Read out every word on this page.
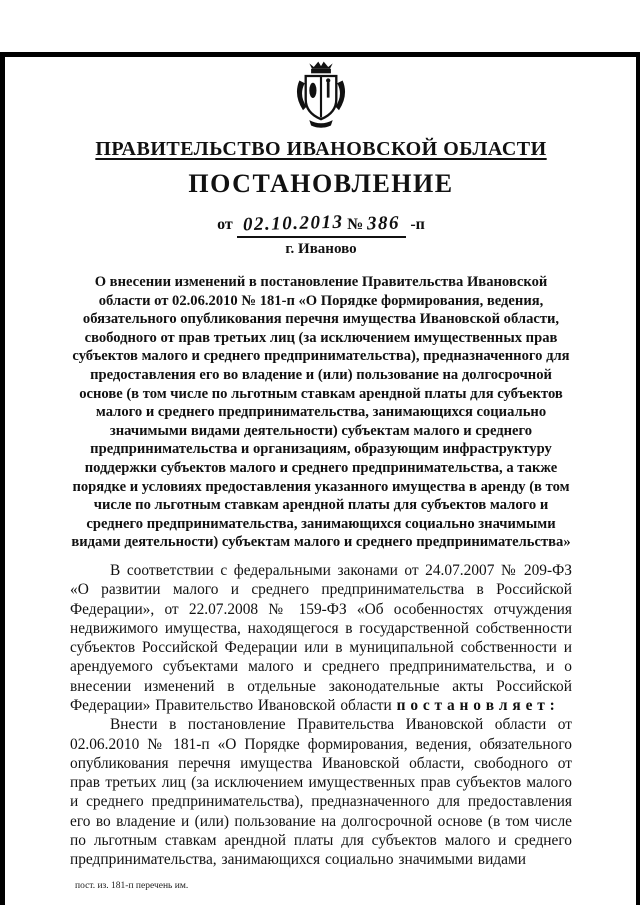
ПРАВИТЕЛЬСТВО ИВАНОВСКОЙ ОБЛАСТИ
ПОСТАНОВЛЕНИЕ
от 02.10.2013 № 386 -п
г. Иваново
О внесении изменений в постановление Правительства Ивановской области от 02.06.2010 № 181-п «О Порядке формирования, ведения, обязательного опубликования перечня имущества Ивановской области, свободного от прав третьих лиц (за исключением имущественных прав субъектов малого и среднего предпринимательства), предназначенного для предоставления его во владение и (или) пользование на долгосрочной основе (в том числе по льготным ставкам арендной платы для субъектов малого и среднего предпринимательства, занимающихся социально значимыми видами деятельности) субъектам малого и среднего предпринимательства и организациям, образующим инфраструктуру поддержки субъектов малого и среднего предпринимательства, а также порядке и условиях предоставления указанного имущества в аренду (в том числе по льготным ставкам арендной платы для субъектов малого и среднего предпринимательства, занимающихся социально значимыми видами деятельности) субъектам малого и среднего предпринимательства»

В соответствии с федеральными законами от 24.07.2007 № 209-ФЗ «О развитии малого и среднего предпринимательства в Российской Федерации», от 22.07.2008 № 159-ФЗ «Об особенностях отчуждения недвижимого имущества, находящегося в государственной собственности субъектов Российской Федерации или в муниципальной собственности и арендуемого субъектами малого и среднего предпринимательства, и о внесении изменений в отдельные законодательные акты Российской Федерации» Правительство Ивановской области п о с т а н о в л я е т :

Внести в постановление Правительства Ивановской области от 02.06.2010 № 181-п «О Порядке формирования, ведения, обязательного опубликования перечня имущества Ивановской области, свободного от прав третьих лиц (за исключением имущественных прав субъектов малого и среднего предпринимательства), предназначенного для предоставления его во владение и (или) пользование на долгосрочной основе (в том числе по льготным ставкам арендной платы для субъектов малого и среднего предпринимательства, занимающихся социально значимыми видами

пост. из. 181-п перечень им.
